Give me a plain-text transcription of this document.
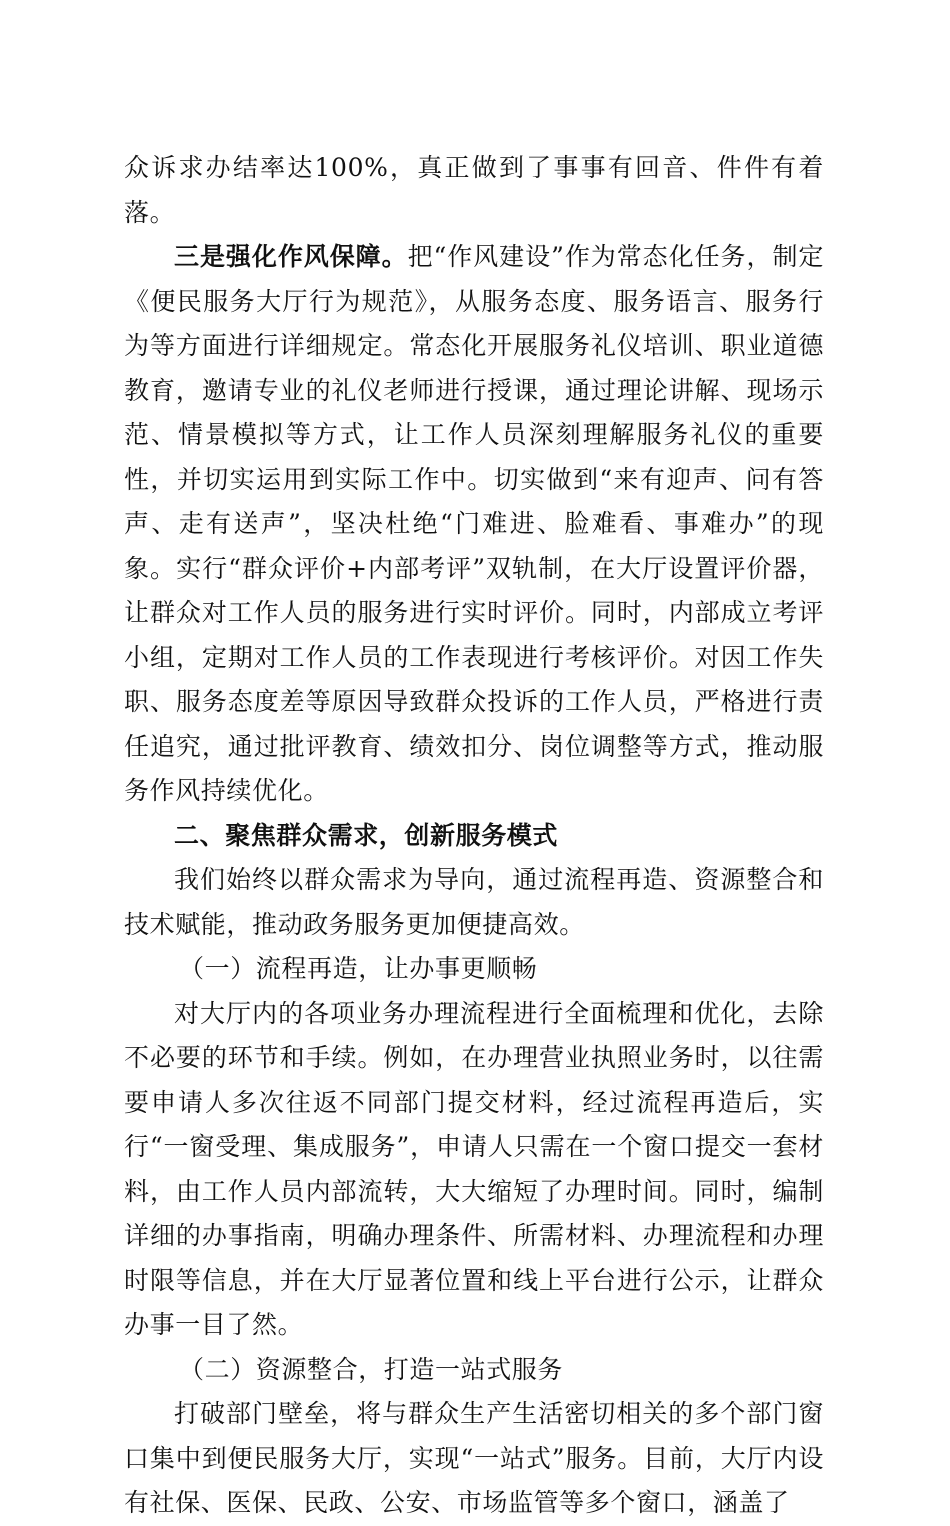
众诉求办结率达100%，真正做到了事事有回音、件件有着落。

三是强化作风保障。把“作风建设”作为常态化任务，制定《便民服务大厅行为规范》，从服务态度、服务语言、服务行为等方面进行详细规定。常态化开展服务礼仪培训、职业道德教育，邀请专业的礼仪老师进行授课，通过理论讲解、现场示范、情景模拟等方式，让工作人员深刻理解服务礼仪的重要性，并切实运用到实际工作中。切实做到“来有迎声、问有答声、走有送声”，坚决杜绝“门难进、脸难看、事难办”的现象。实行“群众评价+内部考评”双轨制，在大厅设置评价器，让群众对工作人员的服务进行实时评价。同时，内部成立考评小组，定期对工作人员的工作表现进行考核评价。对因工作失职、服务态度差等原因导致群众投诉的工作人员，严格进行责任追究，通过批评教育、绩效扣分、岗位调整等方式，推动服务作风持续优化。

二、聚焦群众需求，创新服务模式

我们始终以群众需求为导向，通过流程再造、资源整合和技术赋能，推动政务服务更加便捷高效。

（一）流程再造，让办事更顺畅

对大厅内的各项业务办理流程进行全面梳理和优化，去除不必要的环节和手续。例如，在办理营业执照业务时，以往需要申请人多次往返不同部门提交材料，经过流程再造后，实行“一窗受理、集成服务”，申请人只需在一个窗口提交一套材料，由工作人员内部流转，大大缩短了办理时间。同时，编制详细的办事指南，明确办理条件、所需材料、办理流程和办理时限等信息，并在大厅显著位置和线上平台进行公示，让群众办事一目了然。

（二）资源整合，打造一站式服务

打破部门壁垒，将与群众生产生活密切相关的多个部门窗口集中到便民服务大厅，实现“一站式”服务。目前，大厅内设有社保、医保、民政、公安、市场监管等多个窗口，涵盖了
